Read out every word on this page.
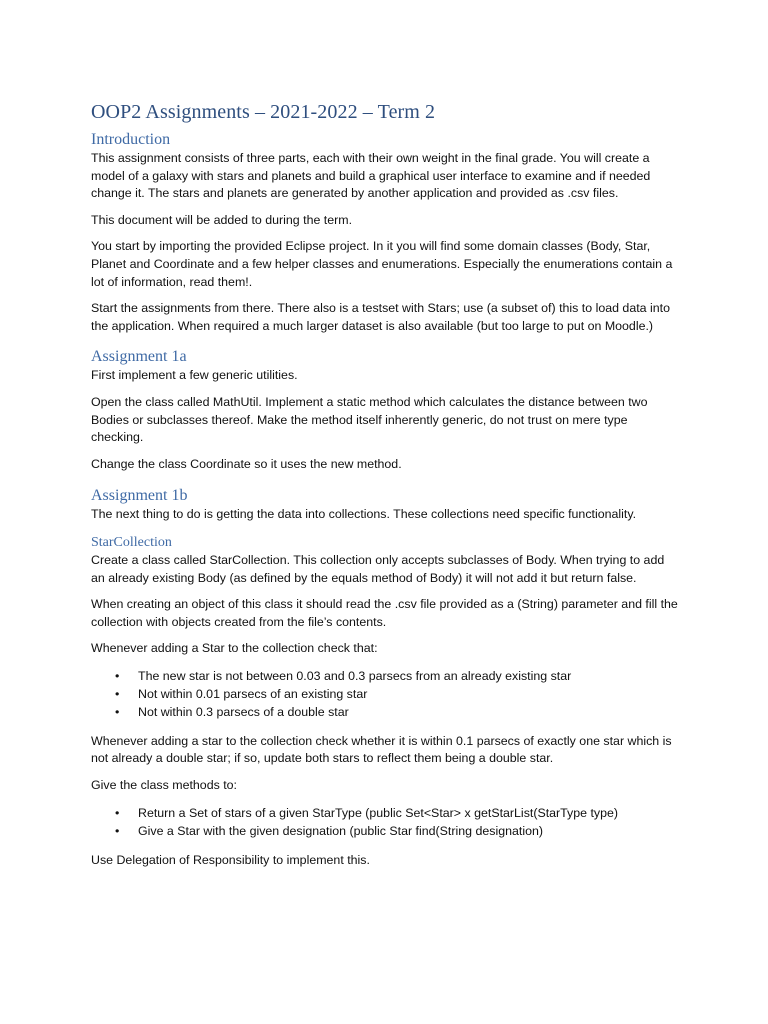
OOP2 Assignments – 2021-2022 – Term 2
Introduction

This assignment consists of three parts, each with their own weight in the final grade. You will create a model of a galaxy with stars and planets and build a graphical user interface to examine and if needed change it. The stars and planets are generated by another application and provided as .csv files.

This document will be added to during the term.

You start by importing the provided Eclipse project. In it you will find some domain classes (Body, Star, Planet and Coordinate and a few helper classes and enumerations. Especially the enumerations contain a lot of information, read them!.

Start the assignments from there. There also is a testset with Stars; use (a subset of) this to load data into the application. When required a much larger dataset is also available (but too large to put on Moodle.)

Assignment 1a

First implement a few generic utilities.

Open the class called MathUtil. Implement a static method which calculates the distance between two Bodies or subclasses thereof. Make the method itself inherently generic, do not trust on mere type checking.

Change the class Coordinate so it uses the new method.

Assignment 1b

The next thing to do is getting the data into collections. These collections need specific functionality.

StarCollection

Create a class called StarCollection. This collection only accepts subclasses of Body. When trying to add an already existing Body (as defined by the equals method of Body) it will not add it but return false.

When creating an object of this class it should read the .csv file provided as a (String) parameter and fill the collection with objects created from the file’s contents.

Whenever adding a Star to the collection check that:

•	The new star is not between 0.03 and 0.3 parsecs from an already existing star
•	Not within 0.01 parsecs of an existing star
•	Not within 0.3 parsecs of a double star

Whenever adding a star to the collection check whether it is within 0.1 parsecs of exactly one star which is not already a double star; if so, update both stars to reflect them being a double star.

Give the class methods to:

•	Return a Set of stars of a given StarType (public Set<Star> x getStarList(StarType type)
•	Give a Star with the given designation (public Star find(String designation)

Use Delegation of Responsibility to implement this.
